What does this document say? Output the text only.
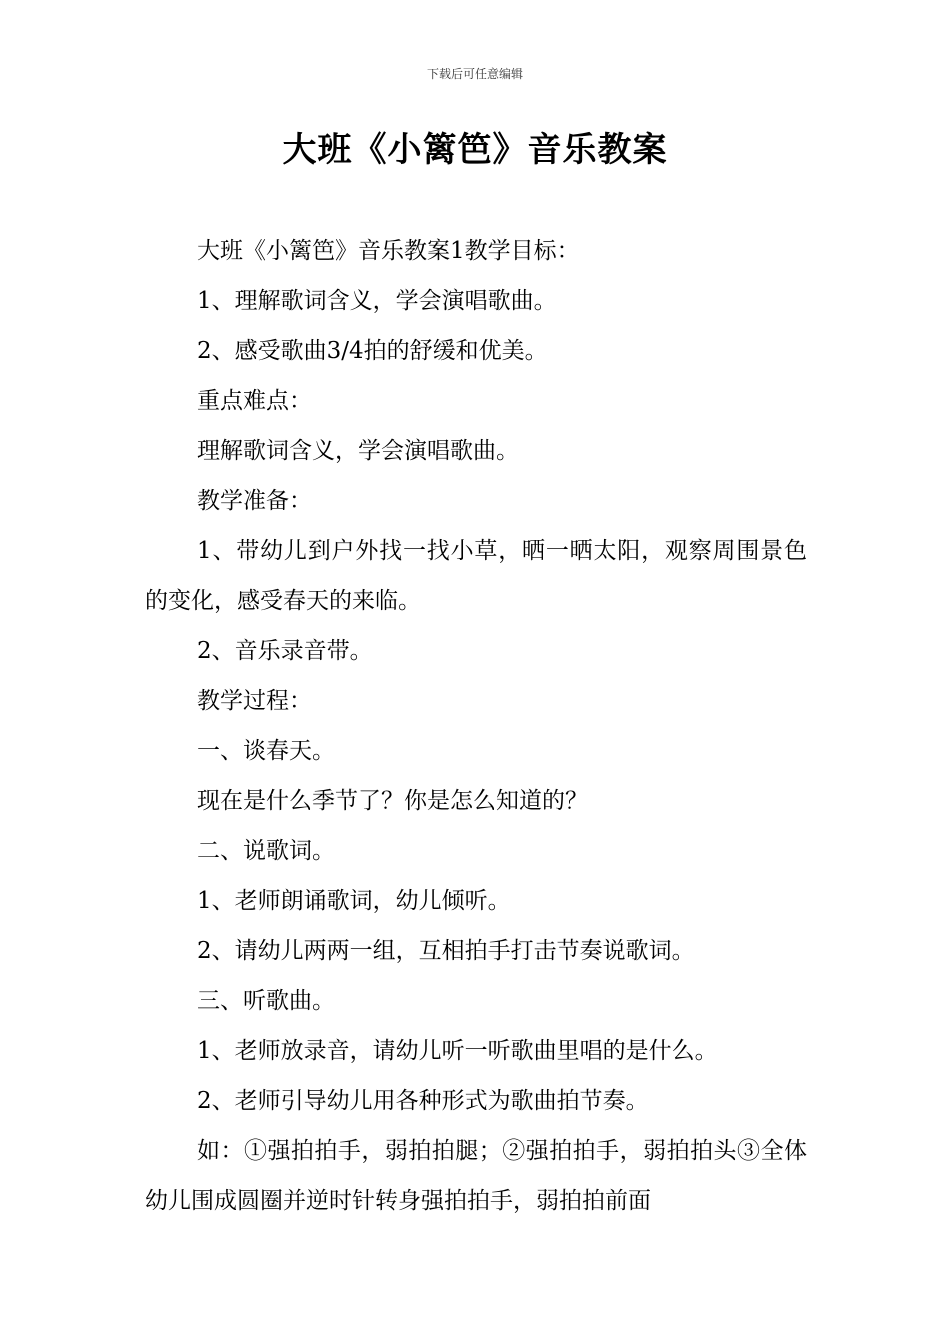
下载后可任意编辑
大班《小篱笆》音乐教案

大班《小篱笆》音乐教案1教学目标：

1、理解歌词含义，学会演唱歌曲。

2、感受歌曲3/4拍的舒缓和优美。

重点难点：

理解歌词含义，学会演唱歌曲。

教学准备：

1、带幼儿到户外找一找小草，晒一晒太阳，观察周围景色的变化，感受春天的来临。

2、音乐录音带。

教学过程：

一、谈春天。

现在是什么季节了？你是怎么知道的？

二、说歌词。

1、老师朗诵歌词，幼儿倾听。

2、请幼儿两两一组，互相拍手打击节奏说歌词。

三、听歌曲。

1、老师放录音，请幼儿听一听歌曲里唱的是什么。

2、老师引导幼儿用各种形式为歌曲拍节奏。

如：①强拍拍手，弱拍拍腿；②强拍拍手，弱拍拍头③全体幼儿围成圆圈并逆时针转身强拍拍手，弱拍拍前面
